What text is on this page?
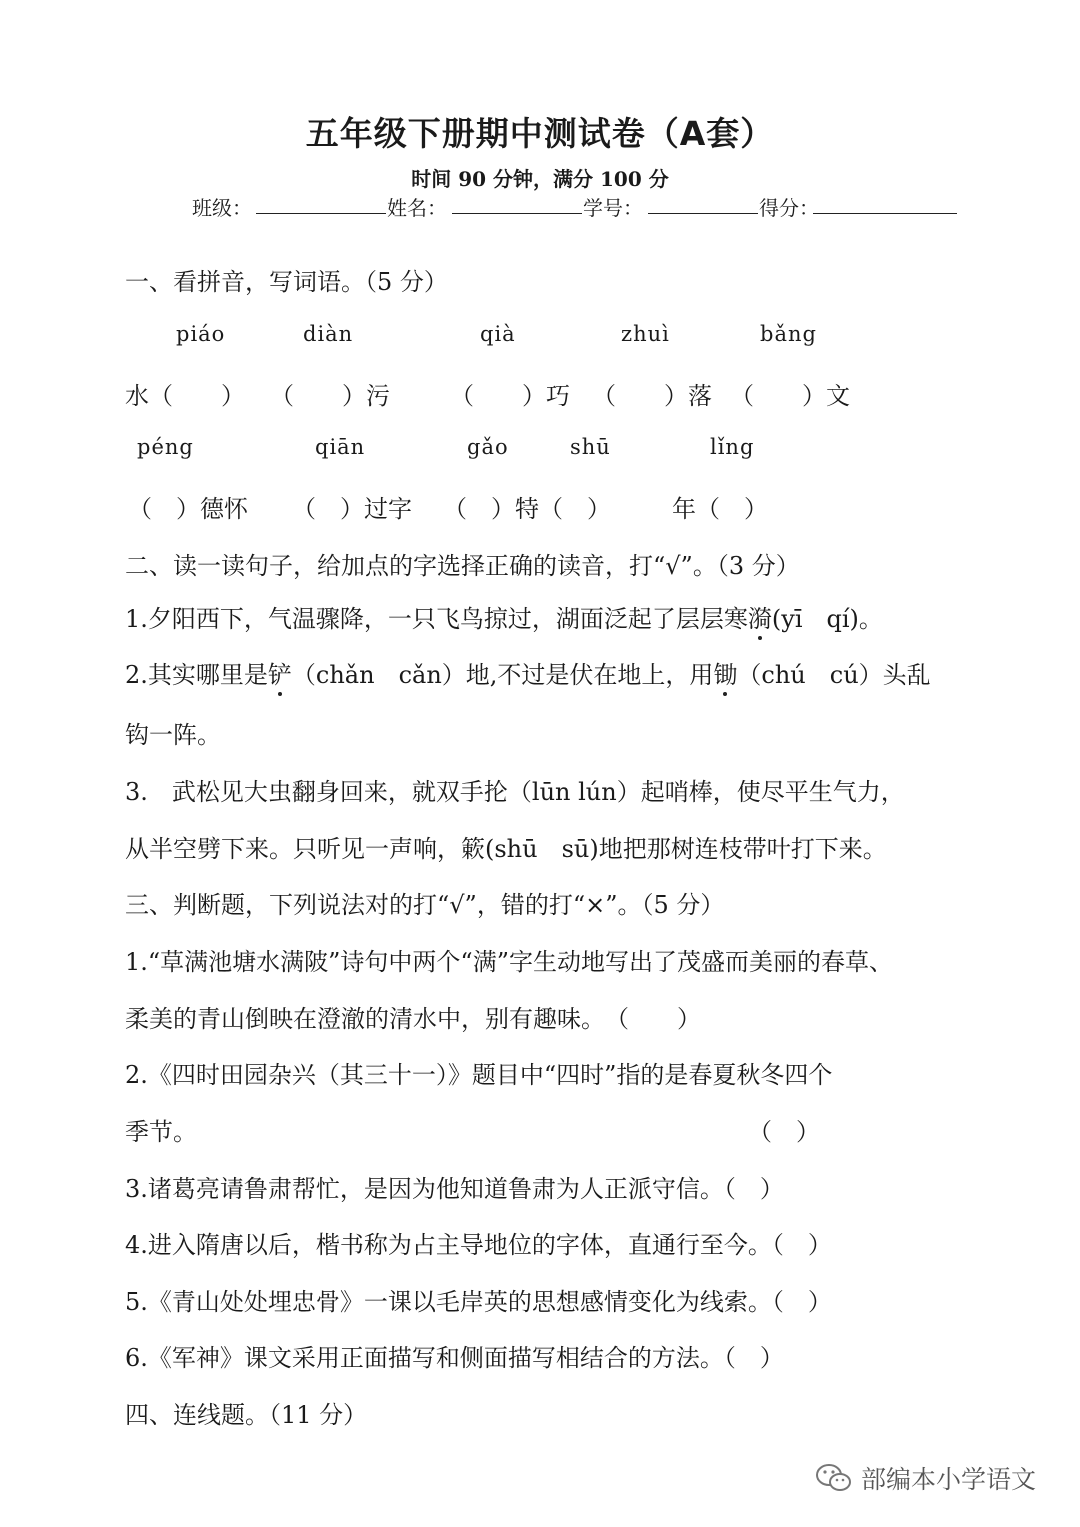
五年级下册期中测试卷（A套）
时间 90 分钟，满分 100 分
班级：	姓名：	学号：	得分：
一、看拼音，写词语。（5 分）
piáo	diàn	qià	zhuì	bǎng
水（　　） （　　）污	（　　）巧 （　　）落 （　　）文
péng	qiān	gǎo	shū	lǐng
（　）德怀 （　）过字 （　）特（　）	年（　）
二、读一读句子，给加点的字选择正确的读音，打“√”。（3 分）
1.夕阳西下，气温骤降，一只飞鸟掠过，湖面泛起了层层寒漪(yī　qí)。
2.其实哪里是铲（chǎn　cǎn）地,不过是伏在地上，用锄（chú　cú）头乱
钩一阵。
3.　武松见大虫翻身回来，就双手抡（lūn lún）起哨棒，使尽平生气力，
从半空劈下来。只听见一声响，簌(shū　sū)地把那树连枝带叶打下来。
三、判断题，下列说法对的打“√”，错的打“×”。（5 分）
1.“草满池塘水满陂”诗句中两个“满”字生动地写出了茂盛而美丽的春草、
柔美的青山倒映在澄澈的清水中，别有趣味。　（　　）
2.《四时田园杂兴（其三十一）》题目中“四时”指的是春夏秋冬四个
季节。	（　）
3.诸葛亮请鲁肃帮忙，是因为他知道鲁肃为人正派守信。（　）
4.进入隋唐以后，楷书称为占主导地位的字体，直通行至今。（　）
5.《青山处处埋忠骨》一课以毛岸英的思想感情变化为线索。（　）
6.《军神》课文采用正面描写和侧面描写相结合的方法。（　）
四、连线题。（11 分）
部编本小学语文
